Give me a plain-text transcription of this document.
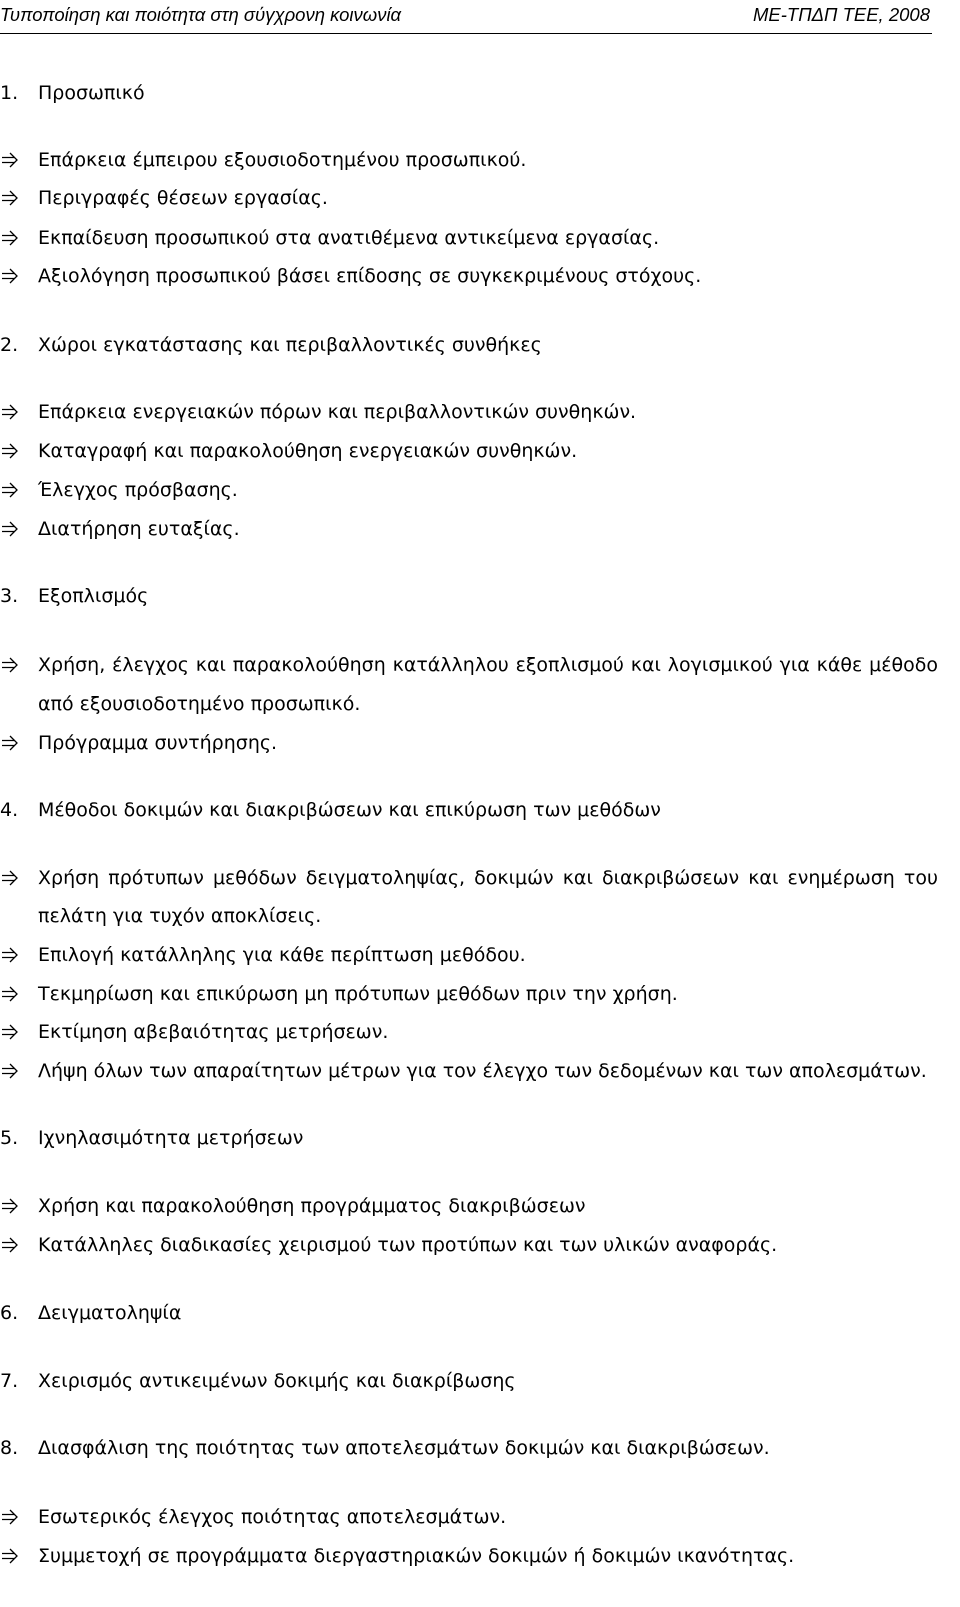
Τυποποίηση και ποιότητα στη σύγχρονη κοινωνία	ΜΕ-ΤΠΔΠ ΤΕΕ, 2008
1. Προσωπικό
Επάρκεια έμπειρου εξουσιοδοτημένου προσωπικού.
Περιγραφές θέσεων εργασίας.
Εκπαίδευση προσωπικού στα ανατιθέμενα αντικείμενα εργασίας.
Αξιολόγηση προσωπικού βάσει επίδοσης σε συγκεκριμένους στόχους.
2. Χώροι εγκατάστασης και περιβαλλοντικές συνθήκες
Επάρκεια ενεργειακών πόρων και περιβαλλοντικών συνθηκών.
Καταγραφή και παρακολούθηση ενεργειακών συνθηκών.
Έλεγχος πρόσβασης.
Διατήρηση ευταξίας.
3. Εξοπλισμός
Χρήση, έλεγχος και παρακολούθηση κατάλληλου εξοπλισμού και λογισμικού για κάθε μέθοδο
από εξουσιοδοτημένο προσωπικό.
Πρόγραμμα συντήρησης.
4. Μέθοδοι δοκιμών και διακριβώσεων και επικύρωση των μεθόδων
Χρήση πρότυπων μεθόδων δειγματοληψίας, δοκιμών και διακριβώσεων και ενημέρωση του
πελάτη για τυχόν αποκλίσεις.
Επιλογή κατάλληλης για κάθε περίπτωση μεθόδου.
Τεκμηρίωση και επικύρωση μη πρότυπων μεθόδων πριν την χρήση.
Εκτίμηση αβεβαιότητας μετρήσεων.
Λήψη όλων των απαραίτητων μέτρων για τον έλεγχο των δεδομένων και των απολεσμάτων.
5. Ιχνηλασιμότητα μετρήσεων
Χρήση και παρακολούθηση προγράμματος διακριβώσεων
Κατάλληλες διαδικασίες χειρισμού των προτύπων και των υλικών αναφοράς.
6. Δειγματοληψία
7. Χειρισμός αντικειμένων δοκιμής και διακρίβωσης
8. Διασφάλιση της ποιότητας των αποτελεσμάτων δοκιμών και διακριβώσεων.
Εσωτερικός έλεγχος ποιότητας αποτελεσμάτων.
Συμμετοχή σε προγράμματα διεργαστηριακών δοκιμών ή δοκιμών ικανότητας.
